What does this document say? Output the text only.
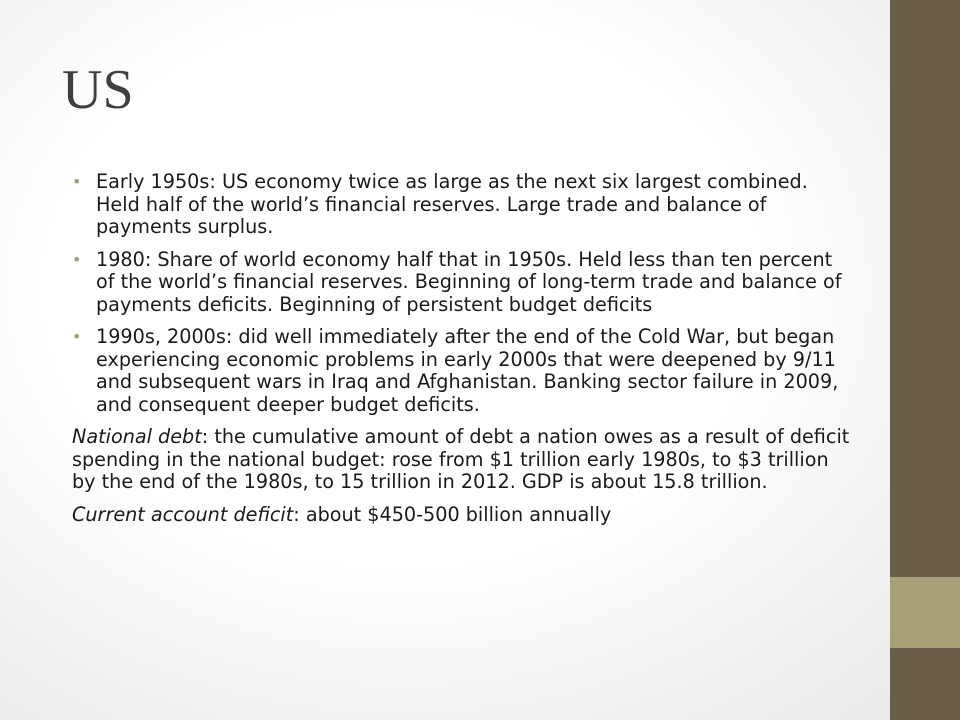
US
• Early 1950s: US economy twice as large as the next six largest combined. Held half of the world’s financial reserves. Large trade and balance of payments surplus.
• 1980: Share of world economy half that in 1950s. Held less than ten percent of the world’s financial reserves. Beginning of long-term trade and balance of payments deficits. Beginning of persistent budget deficits
• 1990s, 2000s: did well immediately after the end of the Cold War, but began experiencing economic problems in early 2000s that were deepened by 9/11 and subsequent wars in Iraq and Afghanistan. Banking sector failure in 2009, and consequent deeper budget deficits.

National debt: the cumulative amount of debt a nation owes as a result of deficit spending in the national budget: rose from $1 trillion early 1980s, to $3 trillion by the end of the 1980s, to 15 trillion in 2012. GDP is about 15.8 trillion.

Current account deficit: about $450-500 billion annually
